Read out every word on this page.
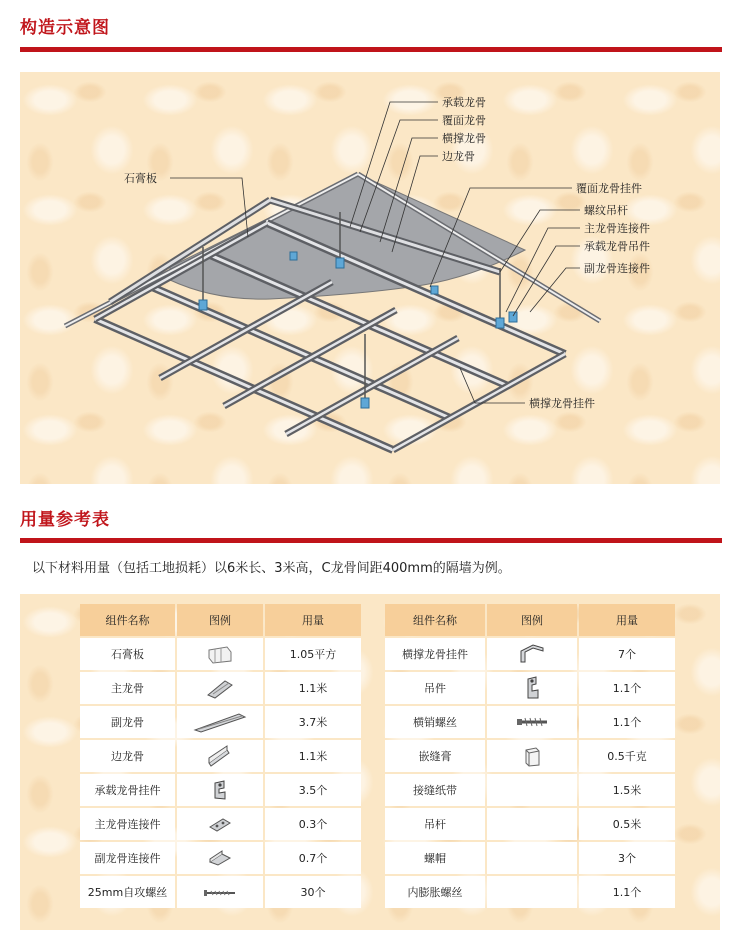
构造示意图
承载龙骨
覆面龙骨
横撑龙骨
边龙骨
石膏板
覆面龙骨挂件
螺纹吊杆
主龙骨连接件
承载龙骨吊件
副龙骨连接件
横撑龙骨挂件
用量参考表
以下材料用量（包括工地损耗）以6米长、3米高，C龙骨间距400mm的隔墙为例。
组件名称	图例	用量		组件名称	图例	用量
石膏板		1.05平方		横撑龙骨挂件		7个
主龙骨		1.1米		吊件		1.1个
副龙骨		3.7米		横销螺丝		1.1个
边龙骨		1.1米		嵌缝膏		0.5千克
承载龙骨挂件		3.5个		接缝纸带		1.5米
主龙骨连接件		0.3个		吊杆		0.5米
副龙骨连接件		0.7个		螺帽		3个
25mm自攻螺丝		30个		内膨胀螺丝		1.1个
